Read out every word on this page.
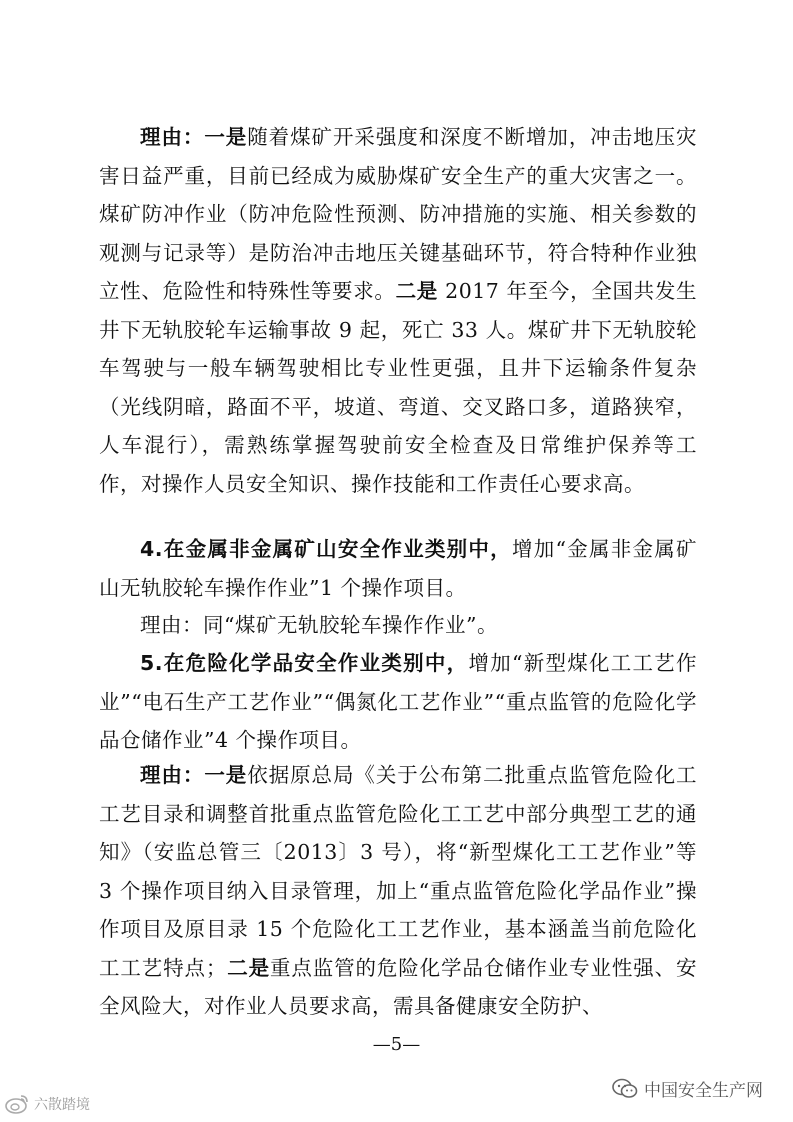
理由：一是随着煤矿开采强度和深度不断增加，冲击地压灾害日益严重，目前已经成为威胁煤矿安全生产的重大灾害之一。煤矿防冲作业（防冲危险性预测、防冲措施的实施、相关参数的观测与记录等）是防治冲击地压关键基础环节，符合特种作业独立性、危险性和特殊性等要求。二是 2017 年至今，全国共发生井下无轨胶轮车运输事故 9 起，死亡 33 人。煤矿井下无轨胶轮车驾驶与一般车辆驾驶相比专业性更强，且井下运输条件复杂（光线阴暗，路面不平，坡道、弯道、交叉路口多，道路狭窄，人车混行），需熟练掌握驾驶前安全检查及日常维护保养等工作，对操作人员安全知识、操作技能和工作责任心要求高。

4.在金属非金属矿山安全作业类别中，增加“金属非金属矿山无轨胶轮车操作作业”1 个操作项目。

理由：同“煤矿无轨胶轮车操作作业”。

5.在危险化学品安全作业类别中，增加“新型煤化工工艺作业”“电石生产工艺作业”“偶氮化工艺作业”“重点监管的危险化学品仓储作业”4 个操作项目。

理由：一是依据原总局《关于公布第二批重点监管危险化工工艺目录和调整首批重点监管危险化工工艺中部分典型工艺的通知》（安监总管三〔2013〕3 号），将“新型煤化工工艺作业”等 3 个操作项目纳入目录管理，加上“重点监管危险化学品作业”操作项目及原目录 15 个危险化工工艺作业，基本涵盖当前危险化工工艺特点；二是重点监管的危险化学品仓储作业专业性强、安全风险大，对作业人员要求高，需具备健康安全防护、

—5—
中国安全生产网
六散踏境
